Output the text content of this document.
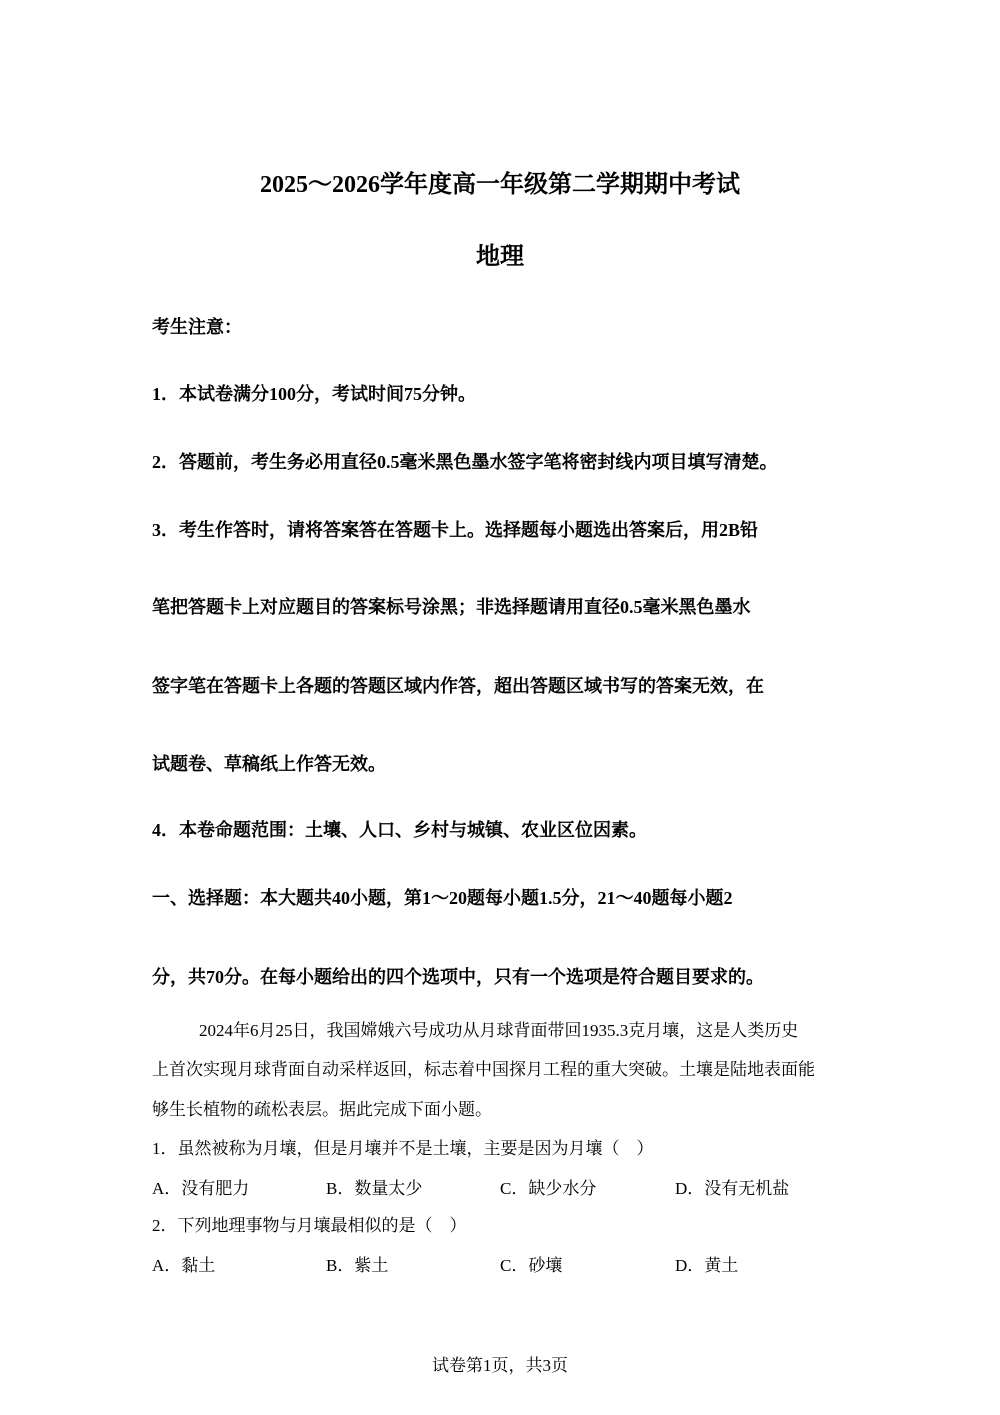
2025～2026学年度高一年级第二学期期中考试
地理
考生注意：
1．本试卷满分100分，考试时间75分钟。
2．答题前，考生务必用直径0.5毫米黑色墨水签字笔将密封线内项目填写清楚。
3．考生作答时，请将答案答在答题卡上。选择题每小题选出答案后，用2B铅
笔把答题卡上对应题目的答案标号涂黑；非选择题请用直径0.5毫米黑色墨水
签字笔在答题卡上各题的答题区域内作答，超出答题区域书写的答案无效，在
试题卷、草稿纸上作答无效。
4．本卷命题范围：土壤、人口、乡村与城镇、农业区位因素。
一、选择题：本大题共40小题，第1～20题每小题1.5分，21～40题每小题2
分，共70分。在每小题给出的四个选项中，只有一个选项是符合题目要求的。
2024年6月25日，我国嫦娥六号成功从月球背面带回1935.3克月壤，这是人类历史
上首次实现月球背面自动采样返回，标志着中国探月工程的重大突破。土壤是陆地表面能
够生长植物的疏松表层。据此完成下面小题。
1．虽然被称为月壤，但是月壤并不是土壤，主要是因为月壤（　）
A．没有肥力	B．数量太少	C．缺少水分	D．没有无机盐
2．下列地理事物与月壤最相似的是（　）
A．黏土	B．紫土	C．砂壤	D．黄土
试卷第1页，共3页
